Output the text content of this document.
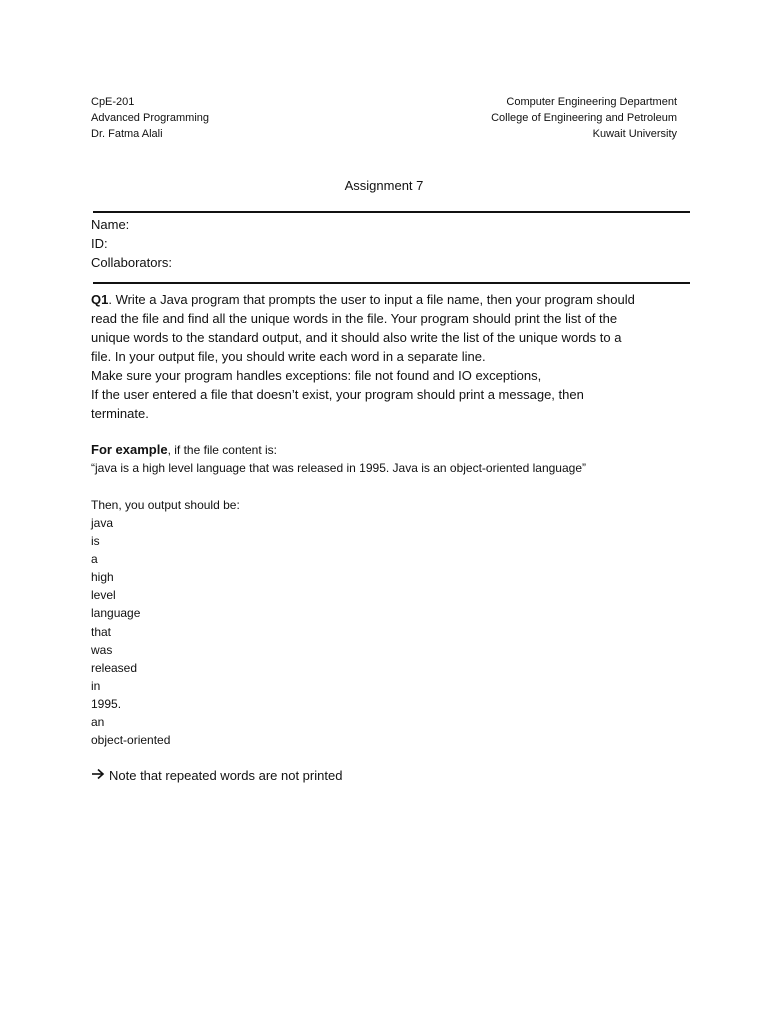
CpE-201
Advanced Programming
Dr. Fatma Alali
Computer Engineering Department
College of Engineering and Petroleum
Kuwait University
Assignment 7
Name:
ID:
Collaborators:

Q1. Write a Java program that prompts the user to input a file name, then your program should

read the file and find all the unique words in the file. Your program should print the list of the

unique words to the standard output, and it should also write the list of the unique words to a

file. In your output file, you should write each word in a separate line.

Make sure your program handles exceptions: file not found and IO exceptions,

If the user entered a file that doesn’t exist, your program should print a message, then

terminate.

For example, if the file content is:

“java is a high level language that was released in 1995. Java is an object-oriented language”

Then, you output should be:
java
is
a
high
level
language
that
was
released
in
1995.
an
object-oriented
Note that repeated words are not printed
